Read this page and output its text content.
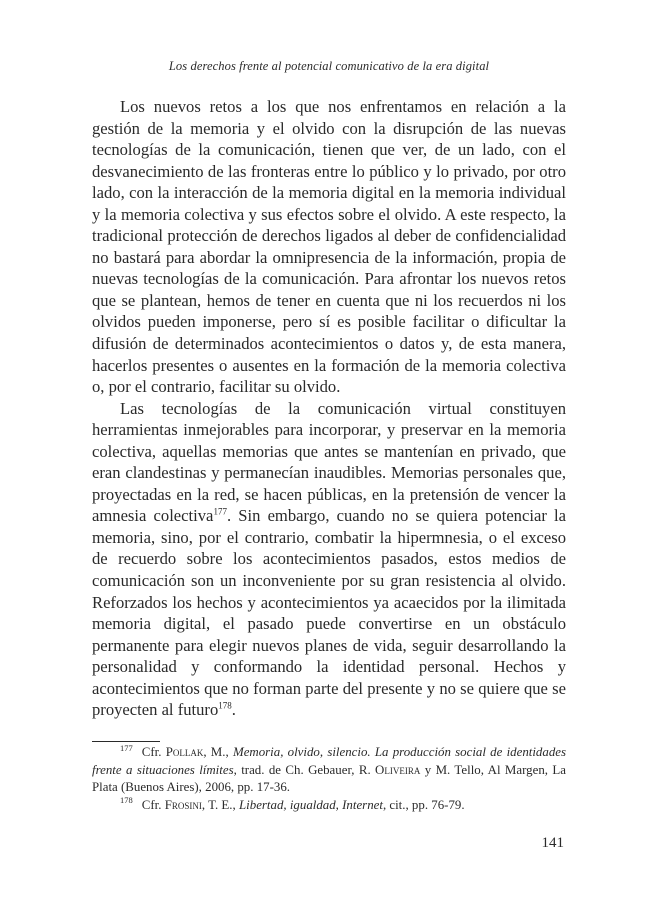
Los derechos frente al potencial comunicativo de la era digital

Los nuevos retos a los que nos enfrentamos en relación a la gestión de la memoria y el olvido con la disrupción de las nuevas tecnologías de la comunicación, tienen que ver, de un lado, con el desvanecimiento de las fronteras entre lo público y lo privado, por otro lado, con la interacción de la memoria digital en la memoria individual y la memoria colectiva y sus efectos sobre el olvido. A este respecto, la tradicional protección de derechos ligados al deber de confidencialidad no bastará para abordar la omnipresencia de la información, propia de nuevas tecnologías de la comunicación. Para afrontar los nuevos retos que se plantean, hemos de tener en cuenta que ni los recuerdos ni los olvidos pueden imponerse, pero sí es posible facilitar o dificultar la difusión de determinados acontecimientos o datos y, de esta manera, hacerlos presentes o ausentes en la formación de la memoria colectiva o, por el contrario, facilitar su olvido.

Las tecnologías de la comunicación virtual constituyen herramientas inmejorables para incorporar, y preservar en la memoria colectiva, aquellas memorias que antes se mantenían en privado, que eran clandestinas y permanecían inaudibles. Memorias personales que, proyectadas en la red, se hacen públicas, en la pretensión de vencer la amnesia colectiva$^{177}$. Sin embargo, cuando no se quiera potenciar la memoria, sino, por el contrario, combatir la hipermnesia, o el exceso de recuerdo sobre los acontecimientos pasados, estos medios de comunicación son un inconveniente por su gran resistencia al olvido. Reforzados los hechos y acontecimientos ya acaecidos por la ilimitada memoria digital, el pasado puede convertirse en un obstáculo permanente para elegir nuevos planes de vida, seguir desarrollando la personalidad y conformando la identidad personal. Hechos y acontecimientos que no forman parte del presente y no se quiere que se proyecten al futuro$^{178}$.

$^{177}$ Cfr. Pollak, M., Memoria, olvido, silencio. La producción social de identidades frente a situaciones límites, trad. de Ch. Gebauer, R. Oliveira y M. Tello, Al Margen, La Plata (Buenos Aires), 2006, pp. 17-36.

$^{178}$ Cfr. Frosini, T. E., Libertad, igualdad, Internet, cit., pp. 76-79.

141
